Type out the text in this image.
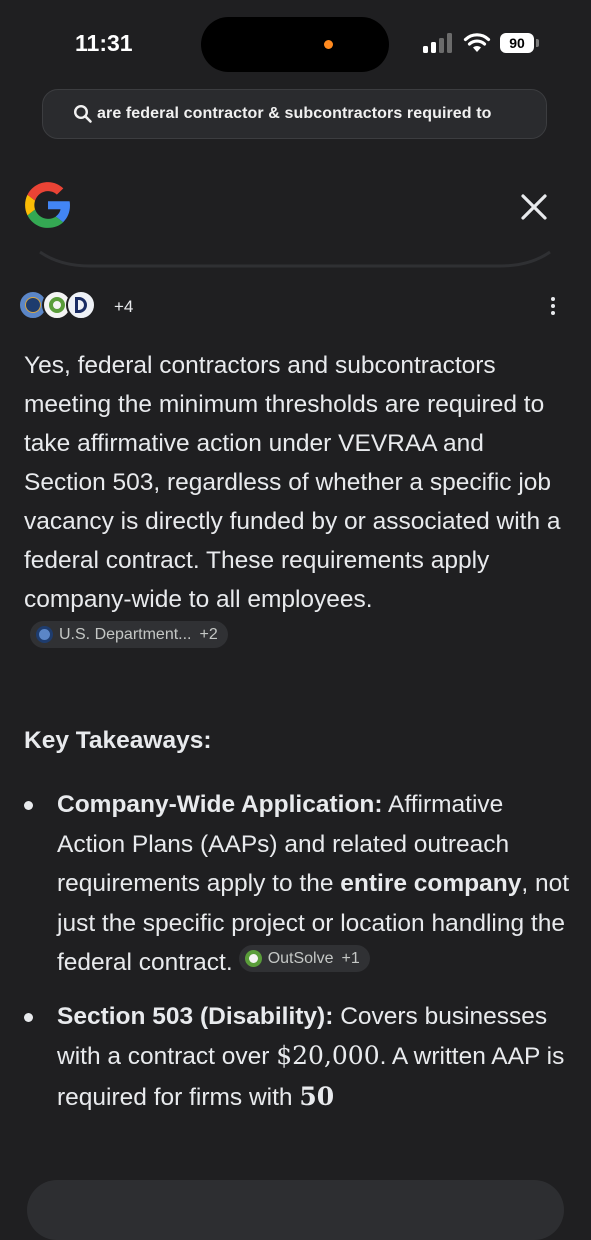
11:31	90
are federal contractor & subcontractors required to
+4
Yes, federal contractors and subcontractors meeting the minimum thresholds are required to take affirmative action under VEVRAA and Section 503, regardless of whether a specific job vacancy is directly funded by or associated with a federal contract. These requirements apply company-wide to all employees.
U.S. Department... +2
Key Takeaways:
Company-Wide Application: Affirmative Action Plans (AAPs) and related outreach requirements apply to the entire company, not just the specific project or location handling the federal contract. OutSolve +1
Section 503 (Disability): Covers businesses with a contract over $20,000. A written AAP is required for firms with 50
